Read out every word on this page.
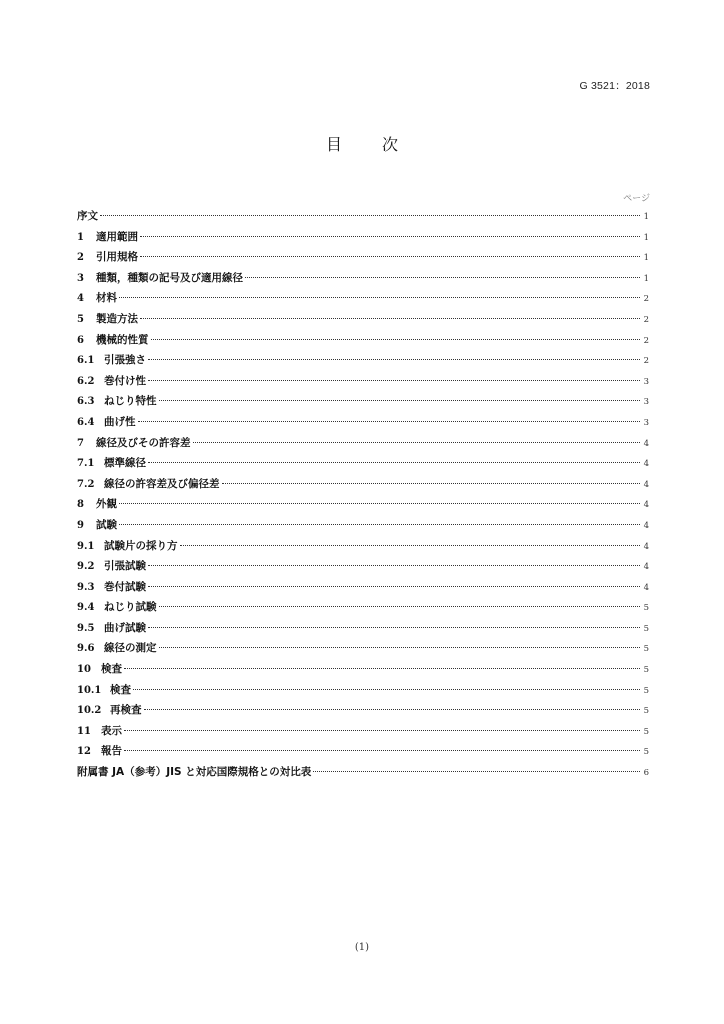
G 3521：2018
目　次
ページ
序文	1
1	適用範囲	1
2	引用規格	1
3	種類，種類の記号及び適用線径	1
4	材料	2
5	製造方法	2
6	機械的性質	2
6.1 引張強さ	2
6.2 巻付け性	3
6.3 ねじり特性	3
6.4 曲げ性	3
7	線径及びその許容差	4
7.1 標準線径	4
7.2 線径の許容差及び偏径差	4
8	外観	4
9	試験	4
9.1 試験片の採り方	4
9.2 引張試験	4
9.3 巻付試験	4
9.4 ねじり試験	5
9.5 曲げ試験	5
9.6 線径の測定	5
10 検査	5
10.1 検査	5
10.2 再検査	5
11 表示	5
12 報告	5
附属書 JA（参考）JIS と対応国際規格との対比表	6
(1)
